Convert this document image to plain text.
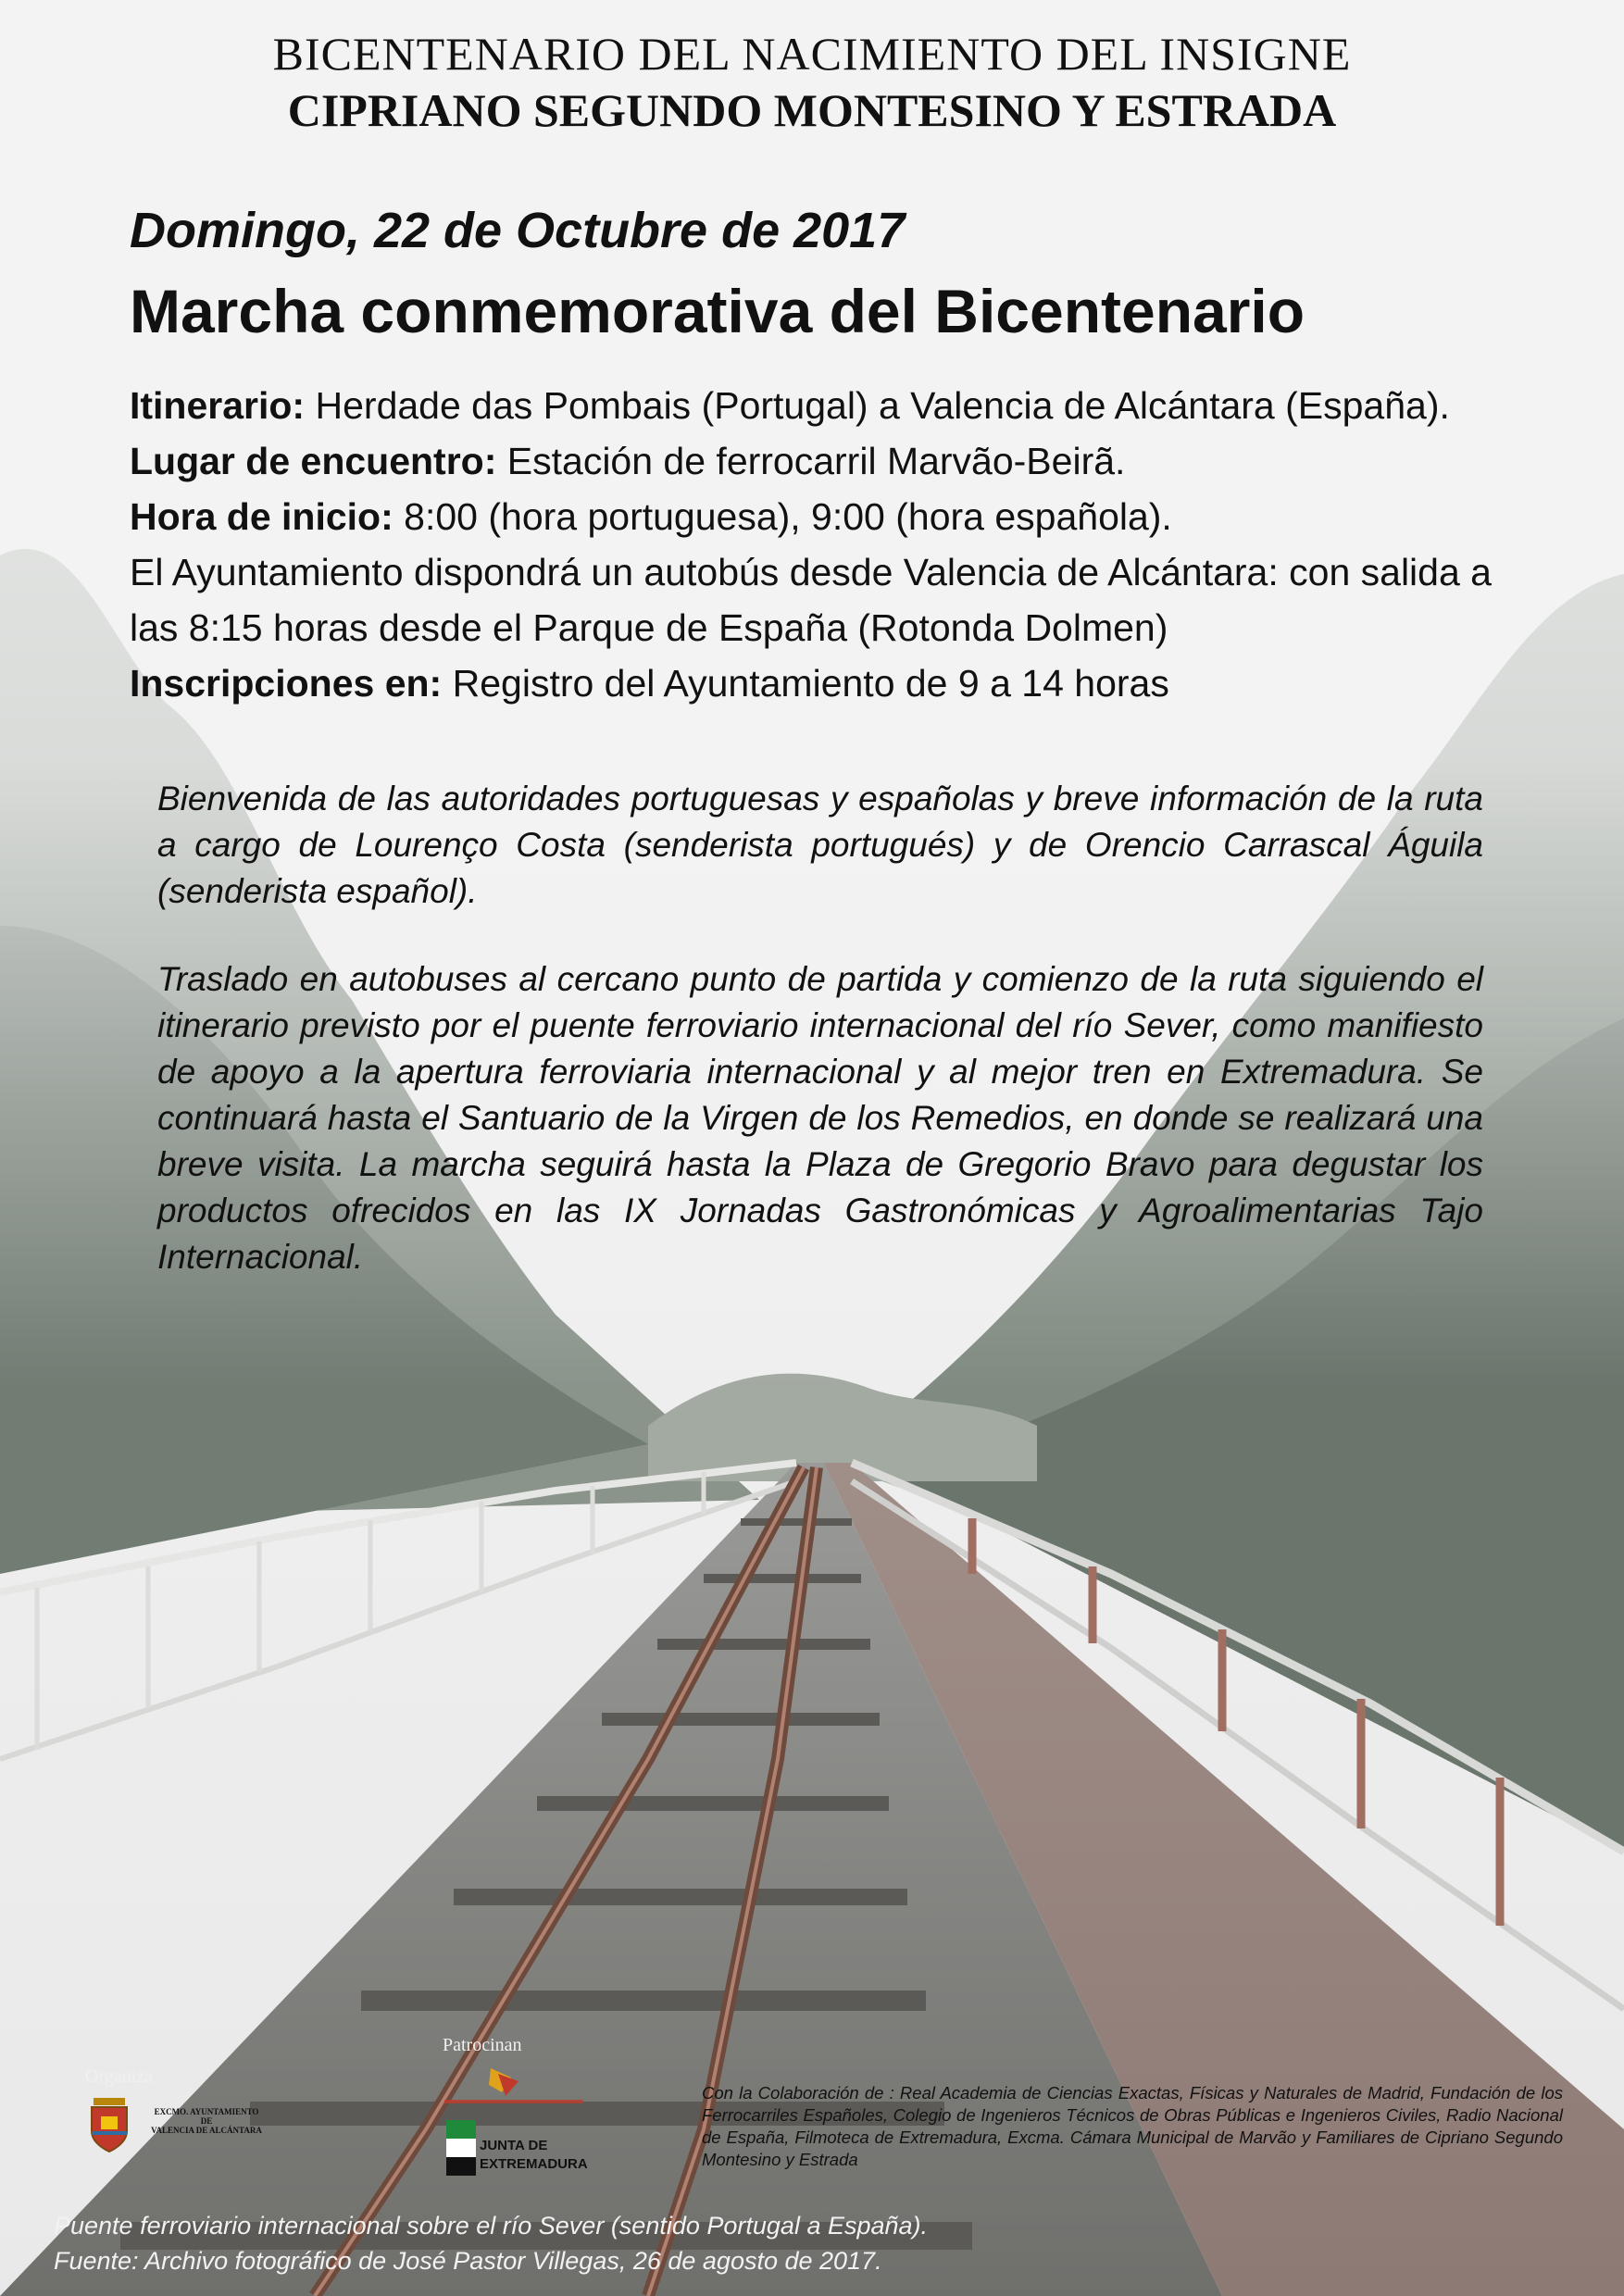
BICENTENARIO DEL NACIMIENTO DEL INSIGNE
CIPRIANO SEGUNDO MONTESINO Y ESTRADA
Domingo, 22 de Octubre de 2017
Marcha conmemorativa del Bicentenario
Itinerario: Herdade das Pombais (Portugal) a Valencia de Alcántara (España).
Lugar de encuentro: Estación de ferrocarril Marvão-Beirã.
Hora de inicio: 8:00 (hora portuguesa), 9:00 (hora española).
El Ayuntamiento dispondrá un autobús desde Valencia de Alcántara: con salida a
las 8:15 horas desde el Parque de España (Rotonda Dolmen)
Inscripciones en: Registro del Ayuntamiento de 9 a 14 horas
Bienvenida de las autoridades portuguesas y españolas y breve información de la ruta a cargo de Lourenço Costa (senderista portugués) y de Orencio Carrascal Águila (senderista español).
Traslado en autobuses al cercano punto de partida y comienzo de la ruta siguiendo el itinerario previsto por el puente ferroviario internacional del río Sever, como manifiesto de apoyo a la apertura ferroviaria internacional y al mejor tren en Extremadura. Se continuará hasta el Santuario de la Virgen de los Remedios, en donde se realizará una breve visita. La marcha seguirá hasta la Plaza de Gregorio Bravo para degustar los productos ofrecidos en las IX Jornadas Gastronómicas y Agroalimentarias Tajo Internacional.
Organiza
EXCMO. AYUNTAMIENTO
DE
VALENCIA DE ALCÁNTARA
Patrocinan
JUNTA DE
EXTREMADURA
Con la Colaboración de : Real Academia de Ciencias Exactas, Físicas y Naturales de Madrid, Fundación de los Ferrocarriles Españoles, Colegio de Ingenieros Técnicos de Obras Públicas e Ingenieros Civiles, Radio Nacional de España, Filmoteca de Extremadura, Excma. Cámara Municipal de Marvão y Familiares de Cipriano Segundo Montesino y Estrada
Puente ferroviario internacional sobre el río Sever (sentido Portugal a España).
Fuente: Archivo fotográfico de José Pastor Villegas, 26 de agosto de 2017.
